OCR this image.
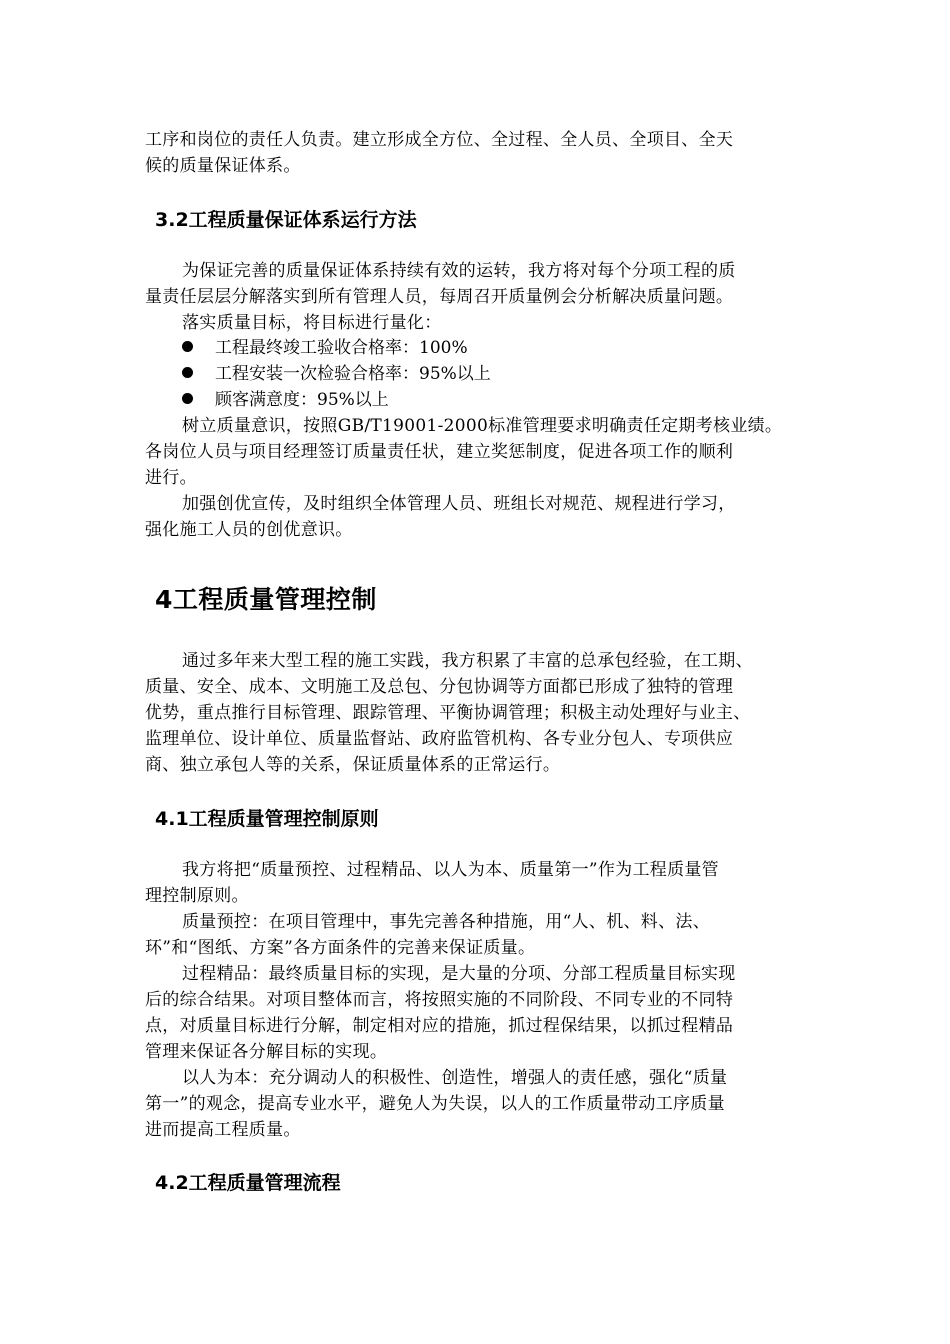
工序和岗位的责任人负责。建立形成全方位、全过程、全人员、全项目、全天
候的质量保证体系。
3.2工程质量保证体系运行方法
为保证完善的质量保证体系持续有效的运转，我方将对每个分项工程的质
量责任层层分解落实到所有管理人员，每周召开质量例会分析解决质量问题。
落实质量目标，将目标进行量化：
工程最终竣工验收合格率：100%
工程安装一次检验合格率：95%以上
顾客满意度：95%以上
树立质量意识，按照GB/T19001-2000标准管理要求明确责任定期考核业绩。
各岗位人员与项目经理签订质量责任状，建立奖惩制度，促进各项工作的顺利
进行。
加强创优宣传，及时组织全体管理人员、班组长对规范、规程进行学习，
强化施工人员的创优意识。
4工程质量管理控制
通过多年来大型工程的施工实践，我方积累了丰富的总承包经验，在工期、
质量、安全、成本、文明施工及总包、分包协调等方面都已形成了独特的管理
优势，重点推行目标管理、跟踪管理、平衡协调管理；积极主动处理好与业主、
监理单位、设计单位、质量监督站、政府监管机构、各专业分包人、专项供应
商、独立承包人等的关系，保证质量体系的正常运行。
4.1工程质量管理控制原则
我方将把“质量预控、过程精品、以人为本、质量第一”作为工程质量管
理控制原则。
质量预控：在项目管理中，事先完善各种措施，用“人、机、料、法、
环”和“图纸、方案”各方面条件的完善来保证质量。
过程精品：最终质量目标的实现，是大量的分项、分部工程质量目标实现
后的综合结果。对项目整体而言，将按照实施的不同阶段、不同专业的不同特
点，对质量目标进行分解，制定相对应的措施，抓过程保结果，以抓过程精品
管理来保证各分解目标的实现。
以人为本：充分调动人的积极性、创造性，增强人的责任感，强化“质量
第一”的观念，提高专业水平，避免人为失误，以人的工作质量带动工序质量
进而提高工程质量。
4.2工程质量管理流程
